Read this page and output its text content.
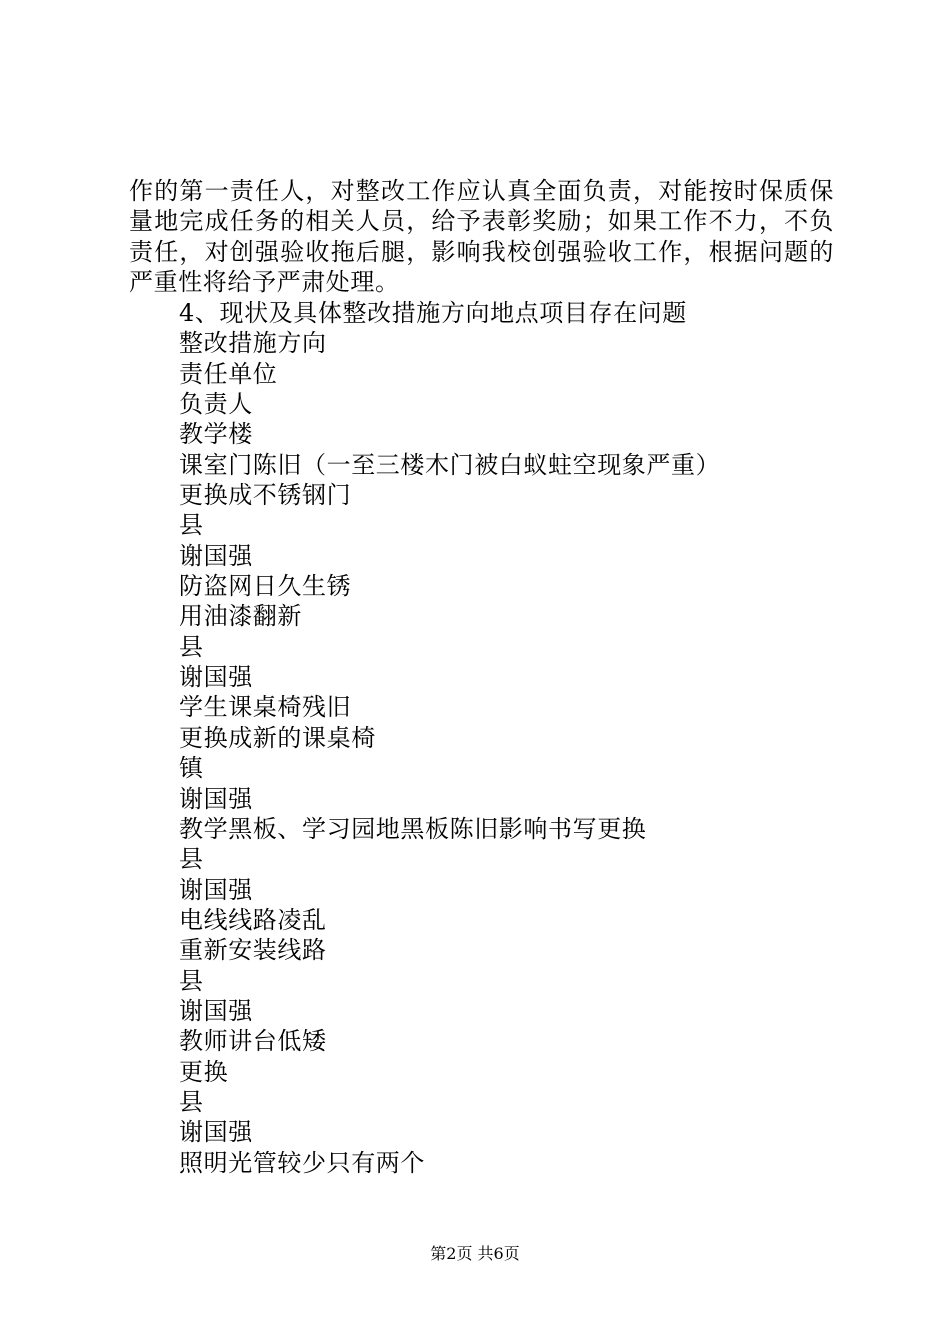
作的第一责任人，对整改工作应认真全面负责，对能按时保质保量地完成任务的相关人员，给予表彰奖励；如果工作不力，不负责任，对创强验收拖后腿，影响我校创强验收工作，根据问题的严重性将给予严肃处理。

4、现状及具体整改措施方向地点项目存在问题
整改措施方向
责任单位
负责人
教学楼
课室门陈旧（一至三楼木门被白蚁蛀空现象严重）
更换成不锈钢门
县
谢国强
防盗网日久生锈
用油漆翻新
县
谢国强
学生课桌椅残旧
更换成新的课桌椅
镇
谢国强
教学黑板、学习园地黑板陈旧影响书写更换
县
谢国强
电线线路凌乱
重新安装线路
县
谢国强
教师讲台低矮
更换
县
谢国强
照明光管较少只有两个
第2页 共6页
